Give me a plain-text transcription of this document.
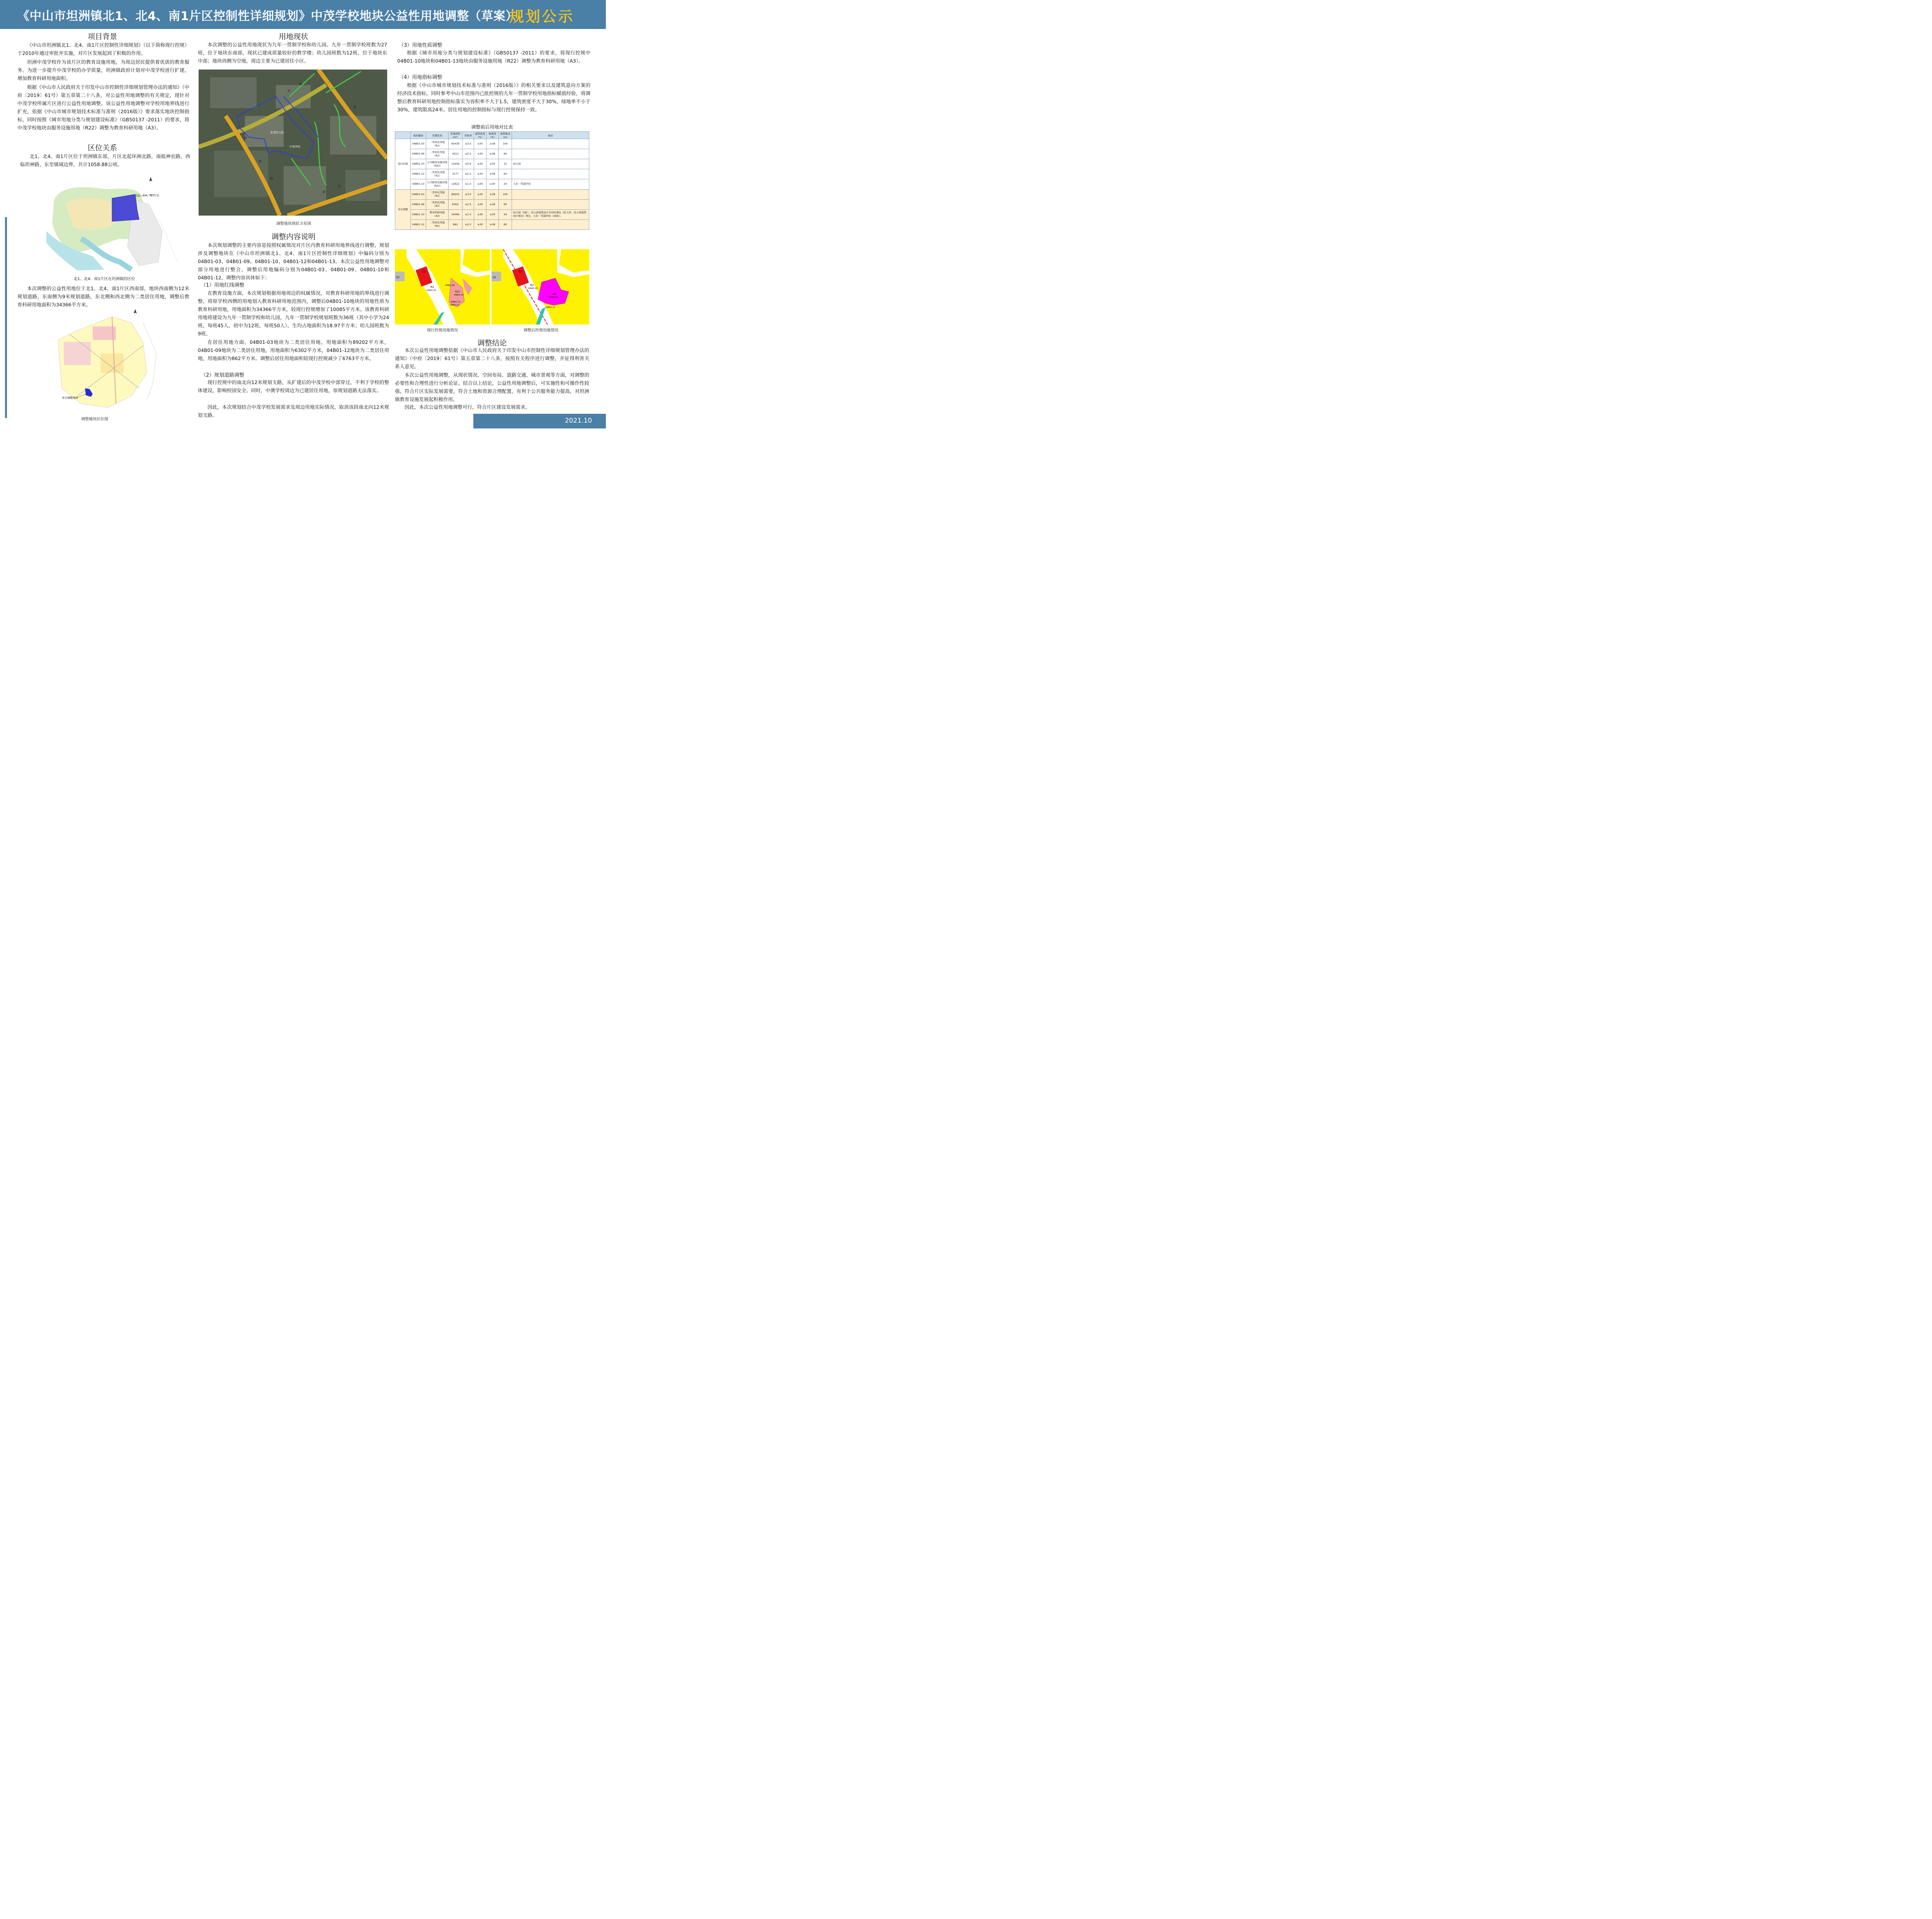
《中山市坦洲镇北1、北4、南1片区控制性详细规划》中茂学校地块公益性用地调整（草案）
规划公示
项目背景
《中山市坦洲镇北1、北4、南1片区控制性详细规划》（以下简称现行控规）于2010年通过审批并实施，对片区发展起到了积极的作用。
坦洲中茂学校作为该片区的教育设施用地，为周边居民提供着优质的教育服务。为进一步提升中茂学校的办学质量，坦洲镇政府计划对中茂学校进行扩建，增加教育科研用地面积。
根据《中山市人民政府关于印发中山市控制性详细规划管理办法的通知》（中府〔2019〕61号）第五章第二十八条，对公益性用地调整的有关规定，现针对中茂学校所属片区进行公益性用地调整。该公益性用地调整对学校用地界线进行扩充，依据《中山市城市规划技术标准与准则（2016版）》要求落实地块控制指标，同时按照《城市用地分类与规划建设标准》（GB50137 -2011）的要求，将中茂学校地块由服务设施用地（R22）调整为教育科研用地（A3）。
区位关系
北1、北4、南1片区位于坦洲镇东部，片区北起环洲北路，南抵神农路，西临坦神路，东至镇域边界，共计1058.88公顷。
北1、北4、南1片区
北1、北4、南1片区在坦洲镇的区位
本次调整的公益性用地位于北1、北4、南1片区西南部，地块西南侧为12米规划道路，东南侧为9米规划道路，东北侧和西北侧为二类居住用地，调整后教育科研用地面积为34366平方米。
本次调整地块
调整地块区位图
用地现状
本次调整的公益性用地现状为九年一贯制学校和幼儿园。九年一贯制学校班数为27班，位于地块东南部，现状已建成质量较好的教学楼；幼儿园班数为12班，位于地块东中部；地块西侧为空地，周边主要为已建居住小区。
坦
路
神
神
路
农
神
路
中茂学校
金茂幼儿园
调整地块现状卫星图
调整内容说明
本次规划调整的主要内容是按照权属情况对片区内教育科研用地界线进行调整，规划涉及调整地块在《中山市坦洲镇北1、北4、南1片区控制性详细规划》中编码分别为04B01-03、04B01-09、04B01-10、04B01-12和04B01-13。本次公益性用地调整对部分用地进行整合，调整后用地编码分别为04B01-03、04B01-09、04B01-10和04B01-12，调整内容具体如下：
（1）用地红线调整
在教育设施方面，本次规划根据用地周边的权属情况，对教育科研用地的界线进行调整，将原学校西侧的用地划入教育科研用地范围内，调整后04B01-10地块的用地性质为教育科研用地，用地面积为34366平方米，较现行控规增加了10085平方米。该教育科研用地将建设为九年一贯制学校和幼儿园，九年一贯制学校规划班数为36班（其中小学为24班，每班45人，初中为12班，每班50人），生均占地面积为18.97平方米；幼儿园班数为9班。
在居住用地方面，04B01-03地块为二类居住用地，用地面积为89202平方米，04B01-09地块为二类居住用地，用地面积为6302平方米，04B01-12地块为二类居住用地，用地面积为862平方米。调整后居住用地面积较现行控规减少了6763平方米。
（2）规划道路调整
现行控规中的南北向12米规划支路，从扩建后的中茂学校中部穿过，不利于学校的整体建设，影响校园安全。同时，中澳学校周边为已建居住用地，原规划道路无法落实。
因此，本次规划结合中茂学校发展需求及周边用地实际情况，取消该段南北向12米规划支路。
（3）用地性质调整
根据《城市用地分类与规划建设标准》（GB50137 -2011）的要求，将现行控规中04B01-10地块和04B01-13地块由服务设施用地（R22）调整为教育科研用地（A3）。
（4）用地指标调整
根据《中山市城市规划技术标准与准则（2016版）》的相关要求以及建筑意向方案的经济技术指标，同时参考中山市范围内已批控规的九年一贯制学校用地指标赋值经验，将调整后教育科研用地控制指标落实为容积率不大于1.5，建筑密度不大于30%，绿地率不小于30%，建筑限高24米。居住用地的控制指标与现行控规保持一致。
调整前后用地对比表
	地块编码	用地性质	用地面积（m²）	容积率	建筑密度（%）	绿地率（%）	建筑限高（m）	备注
现行控规	04B01-03	二类居住用地（R2）	95439	≤3.0	≤30	≥38	100	
	04B01-09	二类居住用地（R2）	4513	≤2.5	≤30	≥38	60	
	04B01-10	公共服务设施用地（R22）	11659	≤0.6	≤30	≥30	15	幼儿园
	04B01-12	二类居住用地（R2）	3177	≤2.5	≤30	≥38	60	
	04B01-13	公共服务设施用地（R22）	12622	≤1.0	≤30	≥30	20	九年一贯制学校
本次调整	04B01-03	二类居住用地（R2）	89202	≤3.0	≤30	≥38	100	
	04B01-09	二类居住用地（R2）	6302	≤2.5	≤30	≥38	60	
	04B01-10	教育科研用地（A3）	34366	≤1.5	≤30	≥30	24	幼儿园（9班），幼儿园建筑设计应同时满足《托儿所、幼儿园建筑设计规范》规定，九年一贯制学校（36班）。
	04B01-12	二类居住用地（R2）	862	≤2.5	≤30	≥38	60	
S2
C2
R2
04B01-03
04B01-09
R22
04B01-10
04B01-13
04B01-12
S2
C2
R2
04B01-03
A3
04B01-10
04B01-12
现行控规用地情况	调整后控规用地情况
调整结论
本次公益性用地调整依据《中山市人民政府关于印发中山市控制性详细规划管理办法的通知》（中府〔2019〕61号）第五章第二十八条，按照有关程序进行调整，并征得利害关系人意见。
本次公益性用地调整，从现状情况、空间布局、道路交通、城市景观等方面，对调整的必要性和合理性进行分析论证。结合以上结论，公益性用地调整后，可实施性和可操作性较强，符合片区实际发展需要，符合土地和资源合理配置，有利于公共服务能力提高，对坦洲镇教育设施发展起积极作用。
因此，本次公益性用地调整可行，符合片区建设发展需求。
2021.10
